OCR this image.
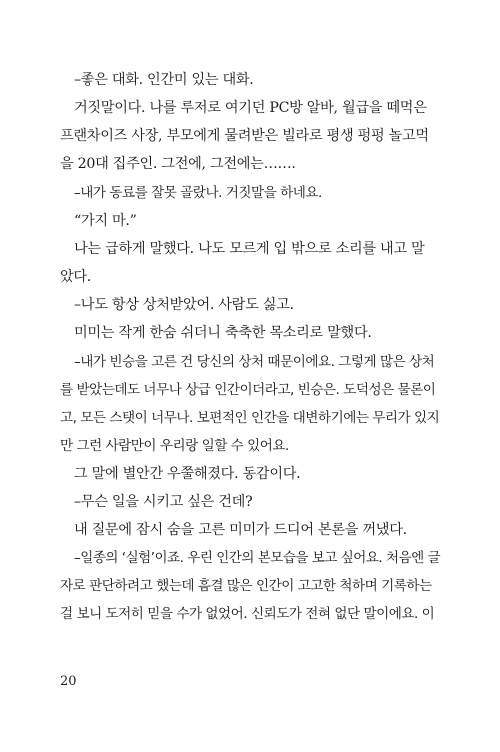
–좋은 대화. 인간미 있는 대화.
거짓말이다. 나를 루저로 여기던 PC방 알바, 월급을 떼먹은
프랜차이즈 사장, 부모에게 물려받은 빌라로 평생 펑펑 놀고먹
을 20대 집주인. 그전에, 그전에는…….
–내가 동료를 잘못 골랐나. 거짓말을 하네요.
“가지 마.”
나는 급하게 말했다. 나도 모르게 입 밖으로 소리를 내고 말
았다.
–나도 항상 상처받았어. 사람도 싫고.
미미는 작게 한숨 쉬더니 축축한 목소리로 말했다.
–내가 빈승을 고른 건 당신의 상처 때문이에요. 그렇게 많은 상처
를 받았는데도 너무나 상급 인간이더라고, 빈승은. 도덕성은 물론이
고, 모든 스탯이 너무나. 보편적인 인간을 대변하기에는 무리가 있지
만 그런 사람만이 우리랑 일할 수 있어요.
그 말에 별안간 우쭐해졌다. 동감이다.
–무슨 일을 시키고 싶은 건데?
내 질문에 잠시 숨을 고른 미미가 드디어 본론을 꺼냈다.
–일종의 ‘실험’이죠. 우린 인간의 본모습을 보고 싶어요. 처음엔 글
자로 판단하려고 했는데 흠결 많은 인간이 고고한 척하며 기록하는
걸 보니 도저히 믿을 수가 없었어. 신뢰도가 전혀 없단 말이에요. 이
20
